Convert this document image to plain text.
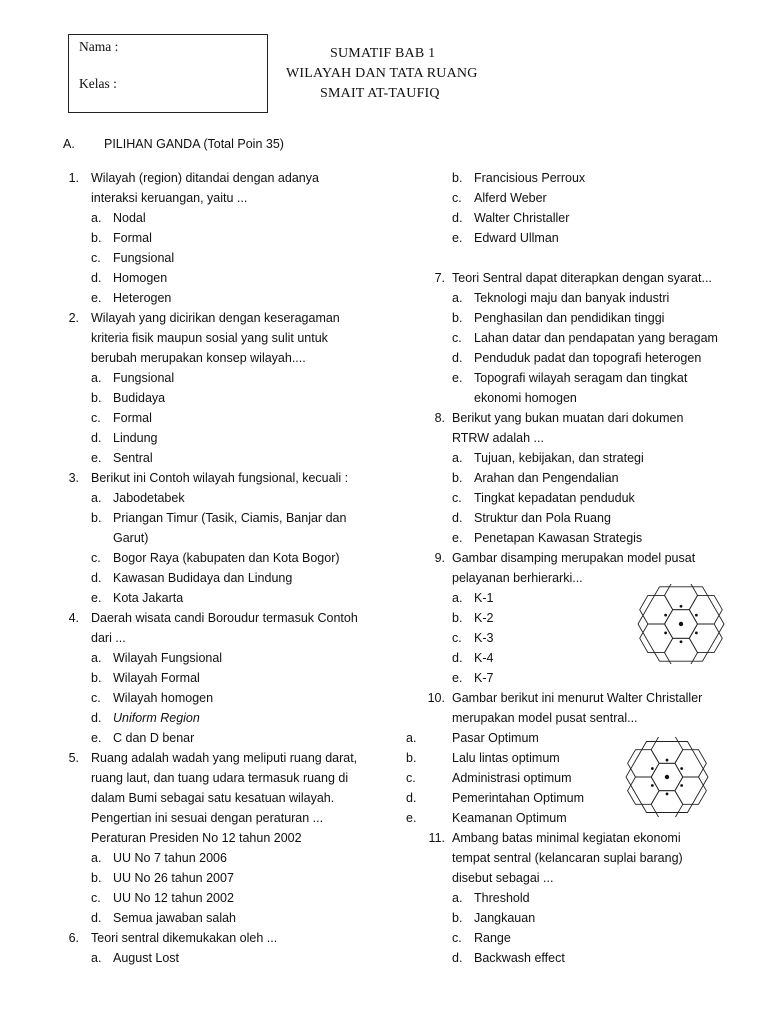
Nama :
Kelas :
SUMATIF BAB 1
WILAYAH DAN TATA RUANG
SMAIT AT-TAUFIQ
A. PILIHAN GANDA (Total Poin 35)
1. Wilayah (region) ditandai dengan adanya
interaksi keruangan, yaitu ...
a. Nodal
b. Formal
c. Fungsional
d. Homogen
e. Heterogen
2. Wilayah yang dicirikan dengan keseragaman
kriteria fisik maupun sosial yang sulit untuk
berubah merupakan konsep wilayah....
a. Fungsional
b. Budidaya
c. Formal
d. Lindung
e. Sentral
3. Berikut ini Contoh wilayah fungsional, kecuali :
a. Jabodetabek
b. Priangan Timur (Tasik, Ciamis, Banjar dan
Garut)
c. Bogor Raya (kabupaten dan Kota Bogor)
d. Kawasan Budidaya dan Lindung
e. Kota Jakarta
4. Daerah wisata candi Boroudur termasuk Contoh
dari ...
a. Wilayah Fungsional
b. Wilayah Formal
c. Wilayah homogen
d. Uniform Region
e. C dan D benar
5. Ruang adalah wadah yang meliputi ruang darat,
ruang laut, dan tuang udara termasuk ruang di
dalam Bumi sebagai satu kesatuan wilayah.
Pengertian ini sesuai dengan peraturan ...
Peraturan Presiden No 12 tahun 2002
a. UU No 7 tahun 2006
b. UU No 26 tahun 2007
c. UU No 12 tahun 2002
d. Semua jawaban salah
6. Teori sentral dikemukakan oleh ...
a. August Lost
b. Francisious Perroux
c. Alferd Weber
d. Walter Christaller
e. Edward Ullman
7. Teori Sentral dapat diterapkan dengan syarat...
a. Teknologi maju dan banyak industri
b. Penghasilan dan pendidikan tinggi
c. Lahan datar dan pendapatan yang beragam
d. Penduduk padat dan topografi heterogen
e. Topografi wilayah seragam dan tingkat
ekonomi homogen
8. Berikut yang bukan muatan dari dokumen
RTRW adalah ...
a. Tujuan, kebijakan, dan strategi
b. Arahan dan Pengendalian
c. Tingkat kepadatan penduduk
d. Struktur dan Pola Ruang
e. Penetapan Kawasan Strategis
9. Gambar disamping merupakan model pusat
pelayanan berhierarki...
a. K-1
b. K-2
c. K-3
d. K-4
e. K-7
10. Gambar berikut ini menurut Walter Christaller
merupakan model pusat sentral...
a.	Pasar Optimum
b.	Lalu lintas optimum
c.	Administrasi optimum
d.	Pemerintahan Optimum
e.	Keamanan Optimum
11. Ambang batas minimal kegiatan ekonomi
tempat sentral (kelancaran suplai barang)
disebut sebagai ...
a. Threshold
b. Jangkauan
c. Range
d. Backwash effect
